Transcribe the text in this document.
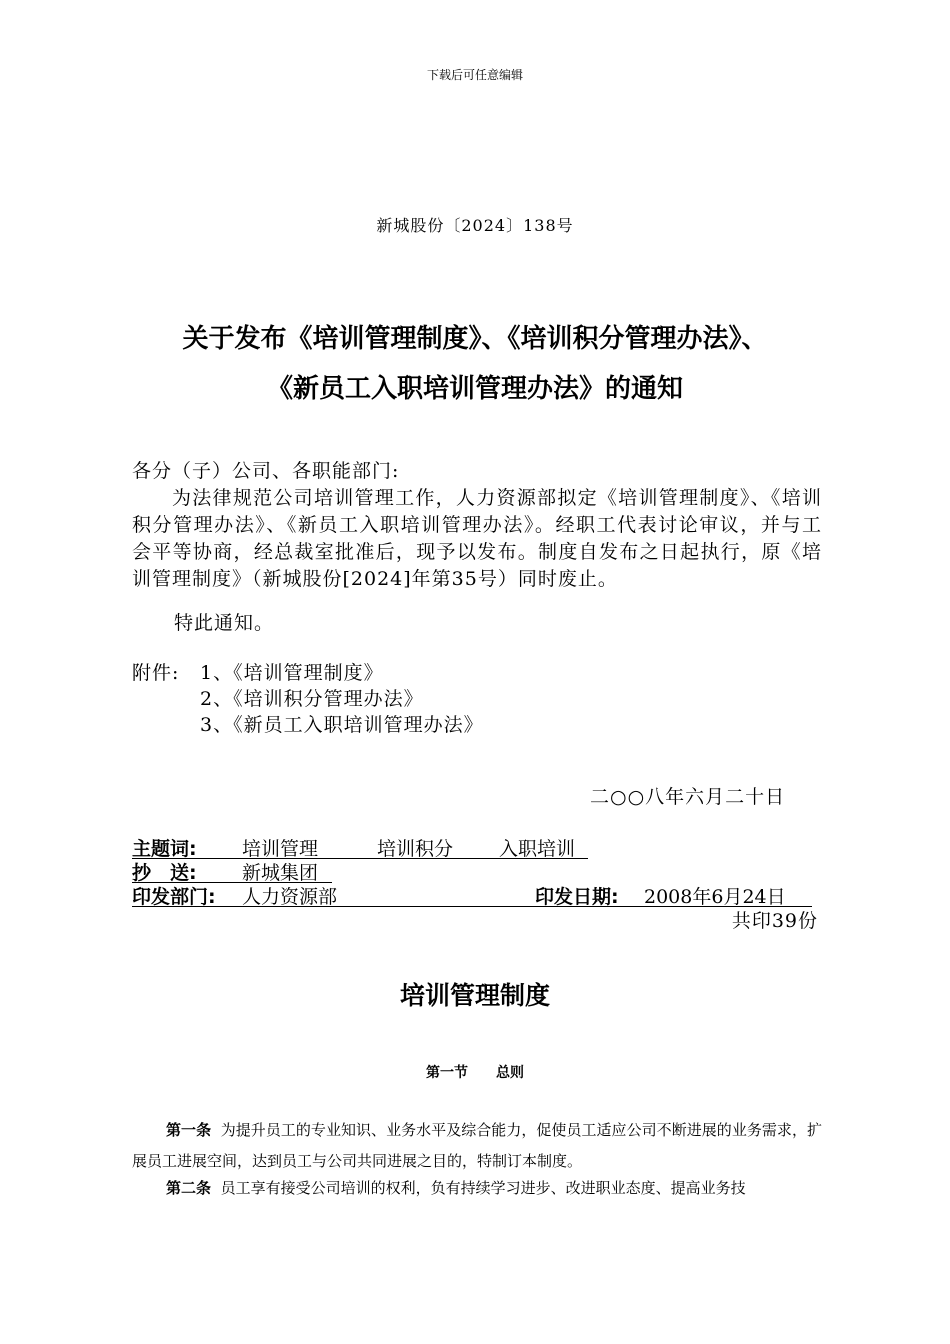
下载后可任意编辑
新城股份〔2024〕138号
关于发布《培训管理制度》、《培训积分管理办法》、
《新员工入职培训管理办法》的通知
各分（子）公司、各职能部门:
为法律规范公司培训管理工作，人力资源部拟定《培训管理制度》、《培训积分管理办法》、《新员工入职培训管理办法》。经职工代表讨论审议，并与工会平等协商，经总裁室批准后，现予以发布。制度自发布之日起执行，原《培训管理制度》（新城股份[2024]年第35号）同时废止。
特此通知。
附件: 1、《培训管理制度》
2、《培训积分管理办法》
3、《新员工入职培训管理办法》
二○○八年六月二十日
主题词: 培训管理	培训积分 入职培训
抄　送: 新城集团
印发部门: 人力资源部	印发日期: 2008年6月24日
共印39份
培训管理制度
第一节　　总则
第一条 为提升员工的专业知识、业务水平及综合能力，促使员工适应公司不断进展的业务需求，扩展员工进展空间，达到员工与公司共同进展之目的，特制订本制度。
第二条 员工享有接受公司培训的权利，负有持续学习进步、改进职业态度、提高业务技
